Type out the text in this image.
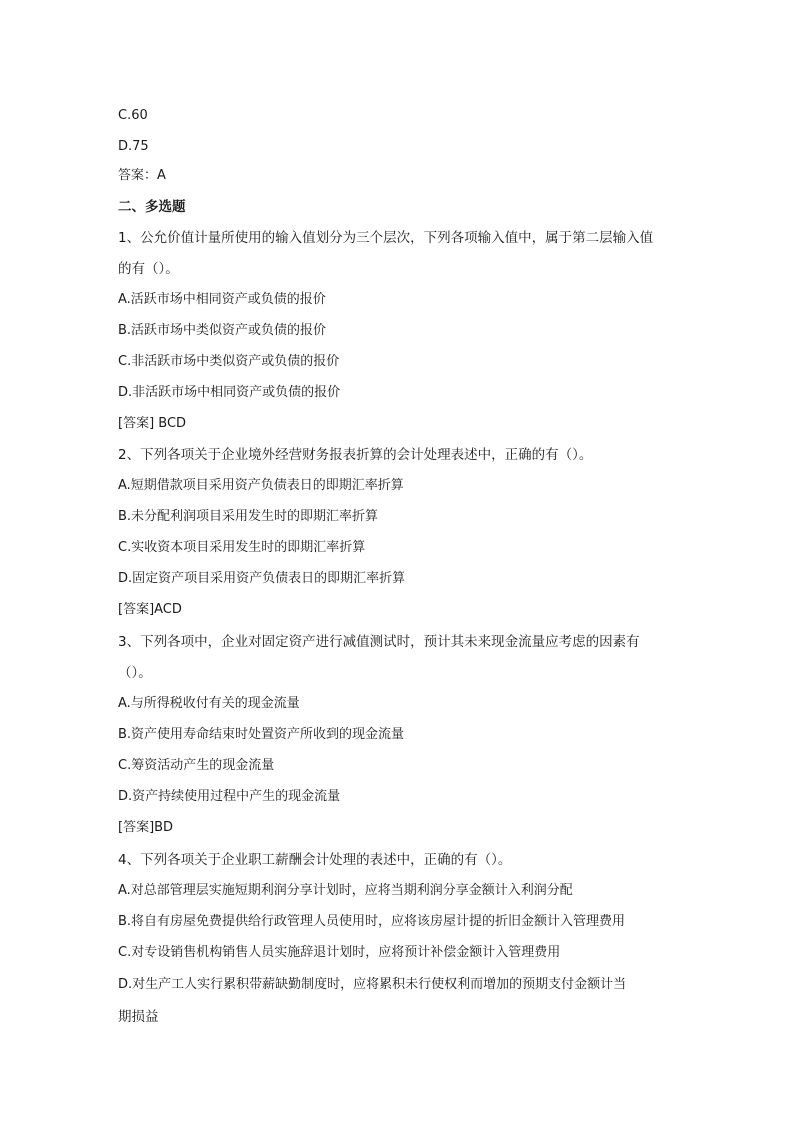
C.60
D.75
答案：A
二、多选题
1、公允价值计量所使用的输入值划分为三个层次，下列各项输入值中，属于第二层输入值
的有（）。
A.活跃市场中相同资产或负债的报价
B.活跃市场中类似资产或负债的报价
C.非活跃市场中类似资产或负债的报价
D.非活跃市场中相同资产或负债的报价
[答案] BCD
2、下列各项关于企业境外经营财务报表折算的会计处理表述中，正确的有（）。
A.短期借款项目采用资产负债表日的即期汇率折算
B.未分配利润项目采用发生时的即期汇率折算
C.实收资本项目采用发生时的即期汇率折算
D.固定资产项目采用资产负债表日的即期汇率折算
[答案]ACD
3、下列各项中，企业对固定资产进行减值测试时，预计其未来现金流量应考虑的因素有
（）。
A.与所得税收付有关的现金流量
B.资产使用寿命结束时处置资产所收到的现金流量
C.筹资活动产生的现金流量
D.资产持续使用过程中产生的现金流量
[答案]BD
4、下列各项关于企业职工薪酬会计处理的表述中，正确的有（）。
A.对总部管理层实施短期利润分享计划时，应将当期利润分享金额计入利润分配
B.将自有房屋免费提供给行政管理人员使用时，应将该房屋计提的折旧金额计入管理费用
C.对专设销售机构销售人员实施辞退计划时，应将预计补偿金额计入管理费用
D.对生产工人实行累积带薪缺勤制度时，应将累积未行使权利而增加的预期支付金额计当
期损益
